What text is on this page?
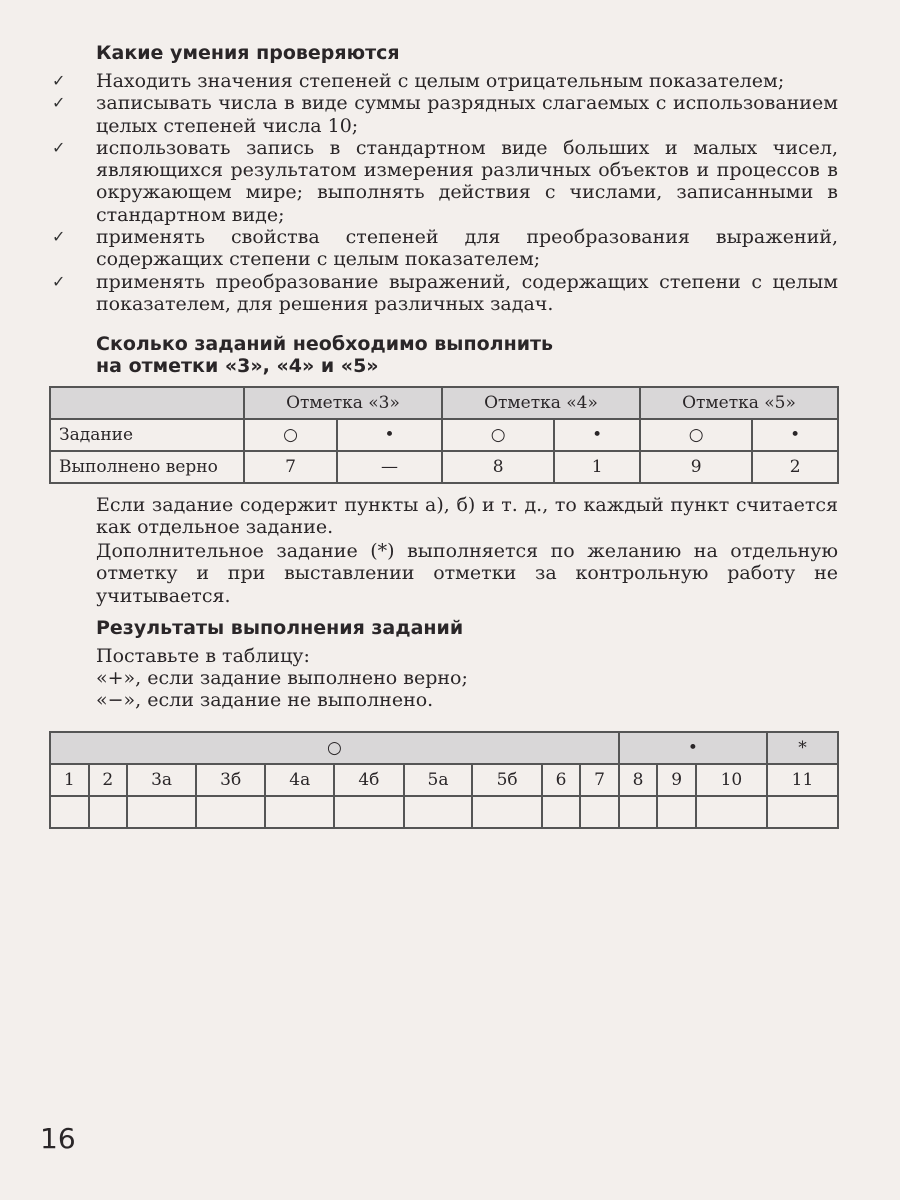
Какие умения проверяются
✓	Находить значения степеней с целым отрицательным показателем;
✓	записывать числа в виде суммы разрядных слагаемых с использованием целых степеней числа 10;
✓	использовать запись в стандартном виде больших и малых чисел, являющихся результатом измерения различных объектов и процессов в окружающем мире; выполнять действия с числами, записанными в стандартном виде;
✓	применять свойства степеней для преобразования выражений, содержащих степени с целым показателем;
✓	применять преобразование выражений, содержащих степени с целым показателем, для решения различных задач.
Сколько заданий необходимо выполнить
на отметки «3», «4» и «5»
	Отметка «3»		Отметка «4»		Отметка «5»	
Задание	○	•	○	•	○	•
Выполнено верно	7	—	8	1	9	2

Если задание содержит пункты а), б) и т. д., то каждый пункт считается как отдельное задание.

Дополнительное задание (*) выполняется по желанию на отдельную отметку и при выставлении отметки за контрольную работу не учитывается.

Результаты выполнения заданий

Поставьте в таблицу:

«+», если задание выполнено верно;

«−», если задание не выполнено.

○										•			*
1	2	3а	3б	4а	4б	5а	5б	6	7	8	9	10	11

16
